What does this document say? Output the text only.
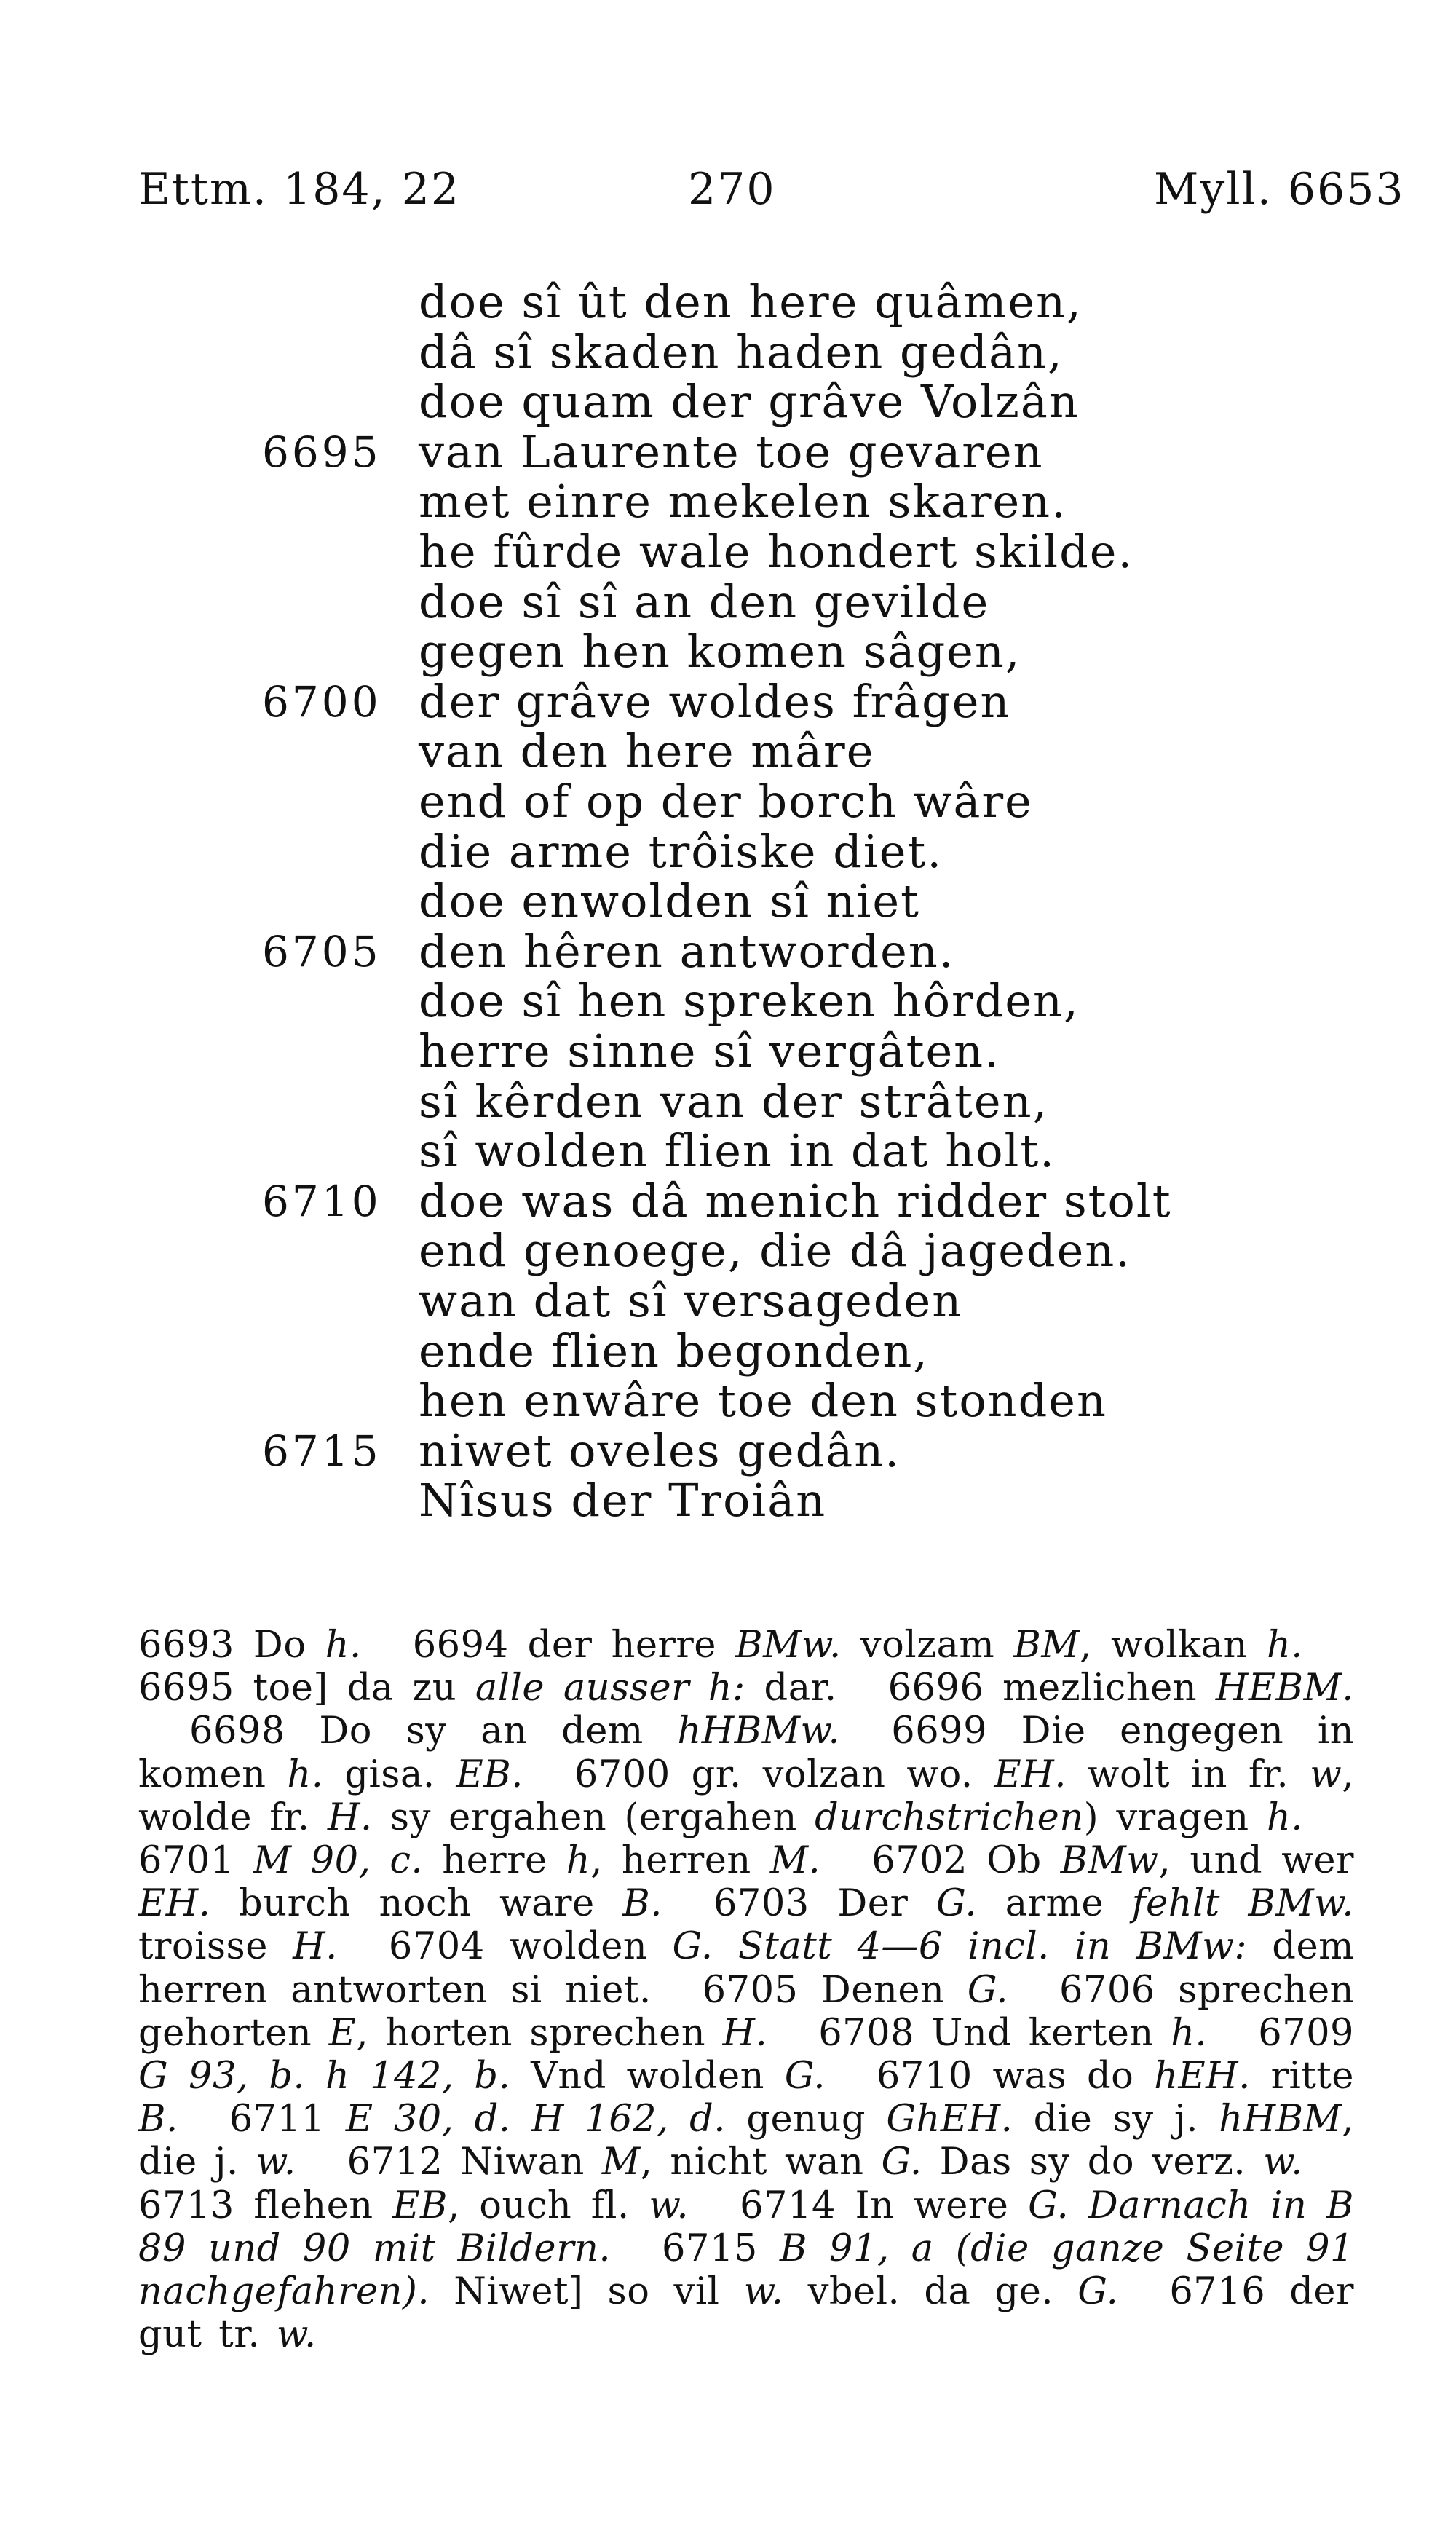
Ettm. 184, 22	270	Myll. 6653
doe sî ût den here quâmen,
dâ sî skaden haden gedân,
doe quam der grâve Volzân
van Laurente toe gevaren
6695
met einre mekelen skaren.
he fûrde wale hondert skilde.
doe sî sî an den gevilde
gegen hen komen sâgen,
der grâve woldes frâgen
6700
van den here mâre
end of op der borch wâre
die arme trôiske diet.
doe enwolden sî niet
den hêren antworden.
6705
doe sî hen spreken hôrden,
herre sinne sî vergâten.
sî kêrden van der strâten,
sî wolden flien in dat holt.
doe was dâ menich ridder stolt
6710
end genoege, die dâ jageden.
wan dat sî versageden
ende flien begonden,
hen enwâre toe den stonden
niwet oveles gedân.
6715
Nîsus der Troiân
6693 Do h. 6694 der herre BMw. volzam BM, wolkan h.6695 toe] da zu alle ausser h: dar. 6696 mezlichen HEBM.6698 Do sy an dem hHBMw. 6699 Die engegen in komen h. gisa. EB. 6700 gr. volzan wo. EH. wolt in fr. w, wolde fr. H. sy ergahen (ergahen durchstrichen) vragen h.6701 M 90, c. herre h, herren M. 6702 Ob BMw, und wer EH. burch noch ware B. 6703 Der G. arme fehlt BMw. troisse H. 6704 wolden G. Statt 4—6 incl. in BMw: dem herren antworten si niet. 6705 Denen G. 6706 sprechen gehorten E, horten sprechen H. 6708 Und kerten h. 6709 G 93, b. h 142, b. Vnd wolden G. 6710 was do hEH. ritte B. 6711 E 30, d. H 162, d. genug GhEH. die sy j. hHBM, die j. w. 6712 Niwan M, nicht wan G. Das sy do verz. w.6713 flehen EB, ouch fl. w. 6714 In were G. Darnach in B 89 und 90 mit Bildern. 6715 B 91, a (die ganze Seite 91 nachgefahren). Niwet] so vil w. vbel. da ge. G. 6716 der gut tr. w.
